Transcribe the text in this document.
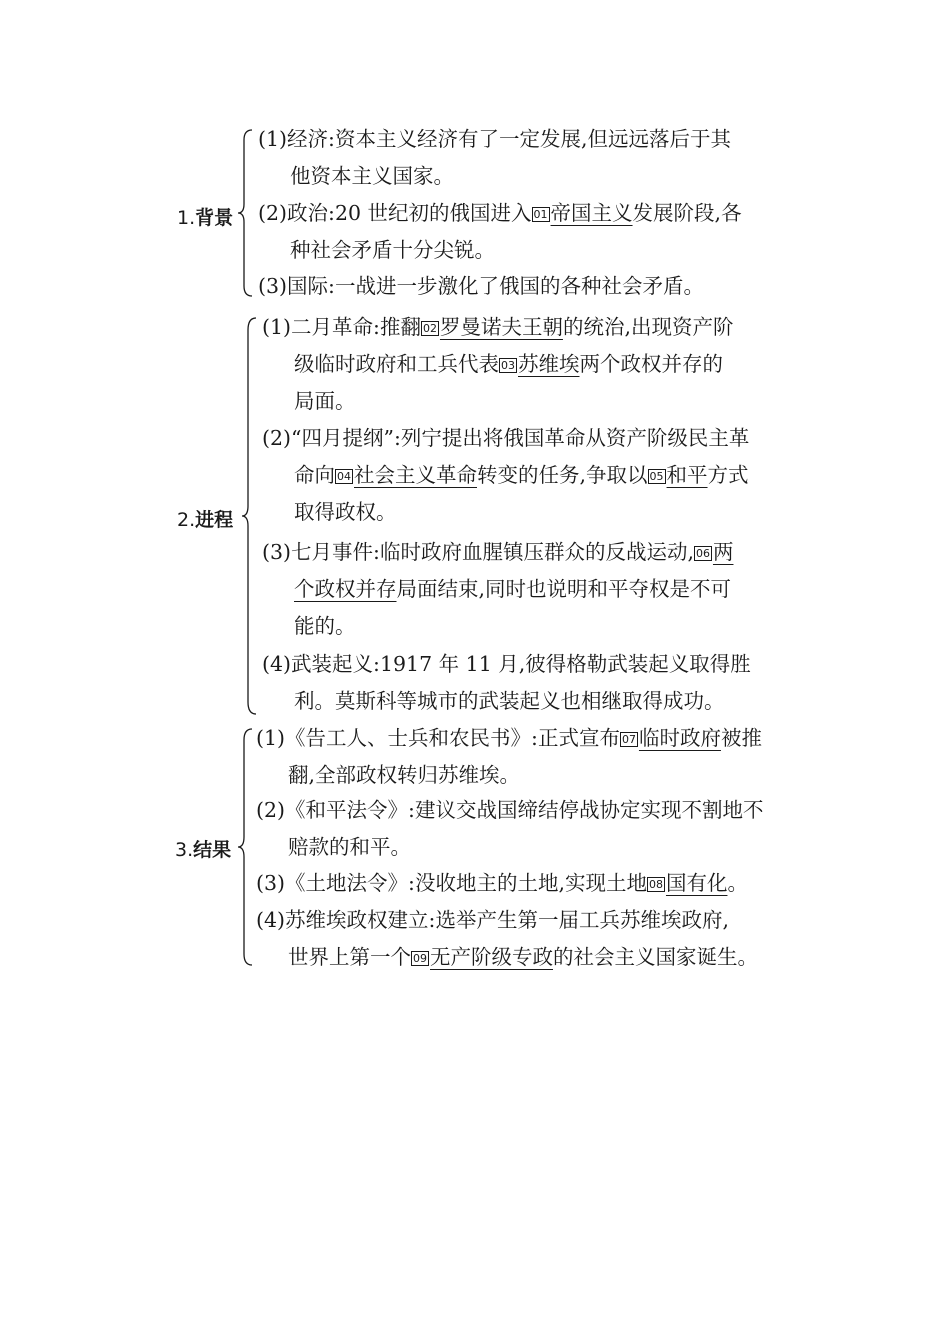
1.背景
(1)经济:资本主义经济有了一定发展,但远远落后于其
他资本主义国家。
(2)政治:20 世纪初的俄国进入 01 帝国主义发展阶段,各
种社会矛盾十分尖锐。
(3)国际:一战进一步激化了俄国的各种社会矛盾。
2.进程
(1)二月革命:推翻 02 罗曼诺夫王朝的统治,出现资产阶
级临时政府和工兵代表 03 苏维埃两个政权并存的
局面。
(2)“四月提纲”:列宁提出将俄国革命从资产阶级民主革
命向 04 社会主义革命转变的任务,争取以 05 和平方式
取得政权。
(3)七月事件:临时政府血腥镇压群众的反战运动, 06 两
个政权并存局面结束,同时也说明和平夺权是不可
能的。
(4)武装起义:1917 年 11 月,彼得格勒武装起义取得胜
利。莫斯科等城市的武装起义也相继取得成功。
3.结果
(1)《告工人、士兵和农民书》:正式宣布 07 临时政府被推
翻,全部政权转归苏维埃。
(2)《和平法令》:建议交战国缔结停战协定实现不割地不
赔款的和平。
(3)《土地法令》:没收地主的土地,实现土地 08 国有化。
(4)苏维埃政权建立:选举产生第一届工兵苏维埃政府,
世界上第一个 09 无产阶级专政的社会主义国家诞生。
